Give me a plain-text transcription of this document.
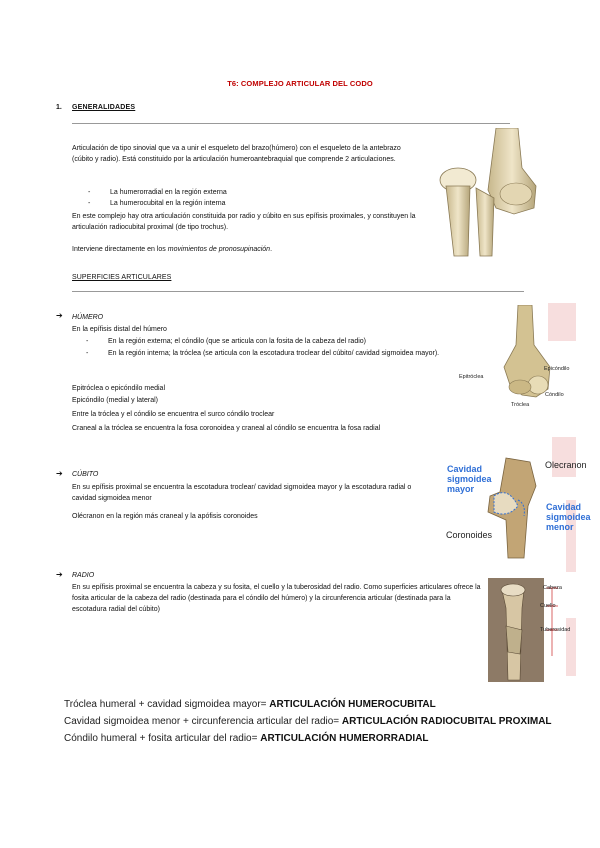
T6: COMPLEJO ARTICULAR DEL CODO
1. GENERALIDADES
Articulación de tipo sinovial que va a unir el esqueleto del brazo(húmero) con el esqueleto de la antebrazo (cúbito y radio). Está constituido por la articulación humeroantebraquial que comprende 2 articulaciones.
-	La humerorradial en la región externa
-	La humerocubital en la región interna
En este complejo hay otra articulación constituida por radio y cúbito en sus epífisis proximales, y constituyen la articulación radiocubital proximal (de tipo trochus).
Interviene directamente en los movimientos de pronosupinación.
SUPERFICIES ARTICULARES
➔ HÚMERO
En la epífisis distal del húmero
-	En la región externa; el cóndilo (que se articula con la fosita de la cabeza del radio)
-	En la región interna; la tróclea (se articula con la escotadura troclear del cúbito/ cavidad sigmoidea mayor).
Epitróclea o epicóndilo medial
Epicóndilo (medial y lateral)
Entre la tróclea y el cóndilo se encuentra el surco cóndilo troclear
Craneal a la tróclea se encuentra la fosa coronoidea y craneal al cóndilo se encuentra la fosa radial
Epitróclea
Epicóndilo
Cóndilo
Tróclea
➔ CÚBITO
En su epífisis proximal se encuentra la escotadura troclear/ cavidad sigmoidea mayor y la escotadura radial o cavidad sigmoidea menor
Olécranon en la región más craneal y la apófisis coronoides
Cavidad sigmoidea mayor
Cavidad sigmoidea menor
Olecranon
Coronoides
➔ RADIO
En su epífisis proximal se encuentra la cabeza y su fosita, el cuello y la tuberosidad del radio. Como superficies articulares ofrece la fosita articular de la cabeza del radio (destinada para el cóndilo del húmero) y la circunferencia articular (destinada para la escotadura radial del cúbito)
Cabeza
Cuello
Tuberosidad
Tróclea humeral + cavidad sigmoidea mayor= ARTICULACIÓN HUMEROCUBITAL
Cavidad sigmoidea menor + circunferencia articular del radio= ARTICULACIÓN RADIOCUBITAL PROXIMAL
Cóndilo humeral + fosita articular del radio= ARTICULACIÓN HUMERORRADIAL
